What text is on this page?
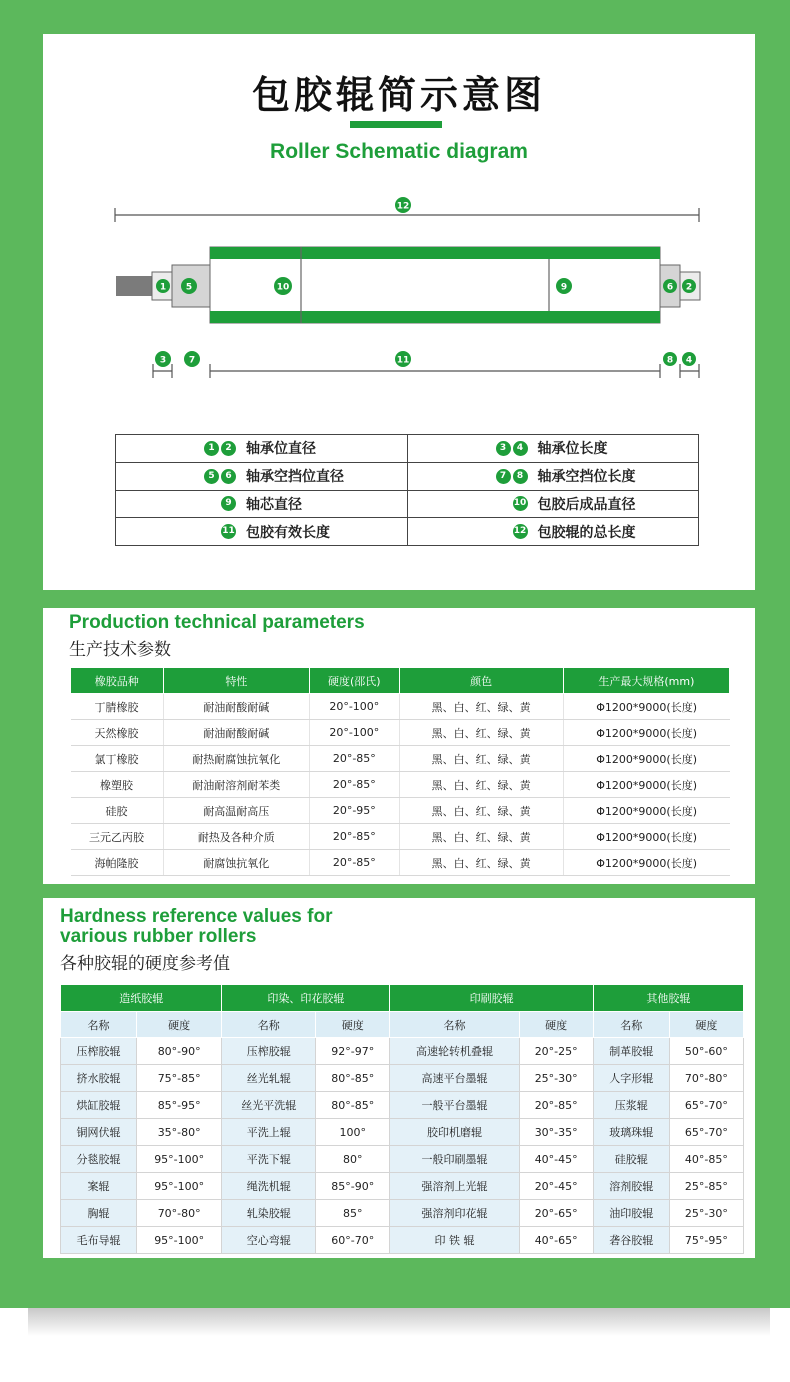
包胶辊简示意图
Roller Schematic diagram
12
1 5	10	9	6 2
3	7	11	8 4
1 2 轴承位直径	3 4 轴承位长度

5 6 轴承空挡位直径	7 8 轴承空挡位长度

9 轴芯直径	10 包胶后成品直径

11 包胶有效长度	12 包胶辊的总长度
Production technical parameters
生产技术参数
橡胶品种	特性	硬度(邵氏)	颜色	生产最大规格(mm)
丁腈橡胶	耐油耐酸耐碱	20°-100°	黑、白、红、绿、黄	Φ1200*9000(长度)
天然橡胶	耐油耐酸耐碱	20°-100°	黑、白、红、绿、黄	Φ1200*9000(长度)
氯丁橡胶	耐热耐腐蚀抗氧化	20°-85°	黑、白、红、绿、黄	Φ1200*9000(长度)
橡塑胶	耐油耐溶剂耐苯类	20°-85°	黑、白、红、绿、黄	Φ1200*9000(长度)
硅胶	耐高温耐高压	20°-95°	黑、白、红、绿、黄	Φ1200*9000(长度)
三元乙丙胶	耐热及各种介质	20°-85°	黑、白、红、绿、黄	Φ1200*9000(长度)
海帕隆胶	耐腐蚀抗氧化	20°-85°	黑、白、红、绿、黄	Φ1200*9000(长度)
Hardness reference values for
various rubber rollers
各种胶辊的硬度参考值
造纸胶辊		印染、印花胶辊		印刷胶辊		其他胶辊	
名称	硬度	名称	硬度	名称	硬度	名称	硬度
压榨胶辊	80°-90°	压榨胶辊	92°-97°	高速轮转机叠辊	20°-25°	制革胶辊	50°-60°
挤水胶辊	75°-85°	丝光轧辊	80°-85°	高速平台墨辊	25°-30°	人字形辊	70°-80°
烘缸胶辊	85°-95°	丝光平洗辊	80°-85°	一般平台墨辊	20°-85°	压浆辊	65°-70°
铜网伏辊	35°-80°	平洗上辊	100°	胶印机磨辊	30°-35°	玻璃珠辊	65°-70°
分毯胶辊	95°-100°	平洗下辊	80°	一般印刷墨辊	40°-45°	硅胶辊	40°-85°
案辊	95°-100°	绳洗机辊	85°-90°	强溶剂上光辊	20°-45°	溶剂胶辊	25°-85°
胸辊	70°-80°	轧染胶辊	85°	强溶剂印花辊	20°-65°	油印胶辊	25°-30°
毛布导辊	95°-100°	空心弯辊	60°-70°	印 铁 辊	40°-65°	砻谷胶辊	75°-95°
